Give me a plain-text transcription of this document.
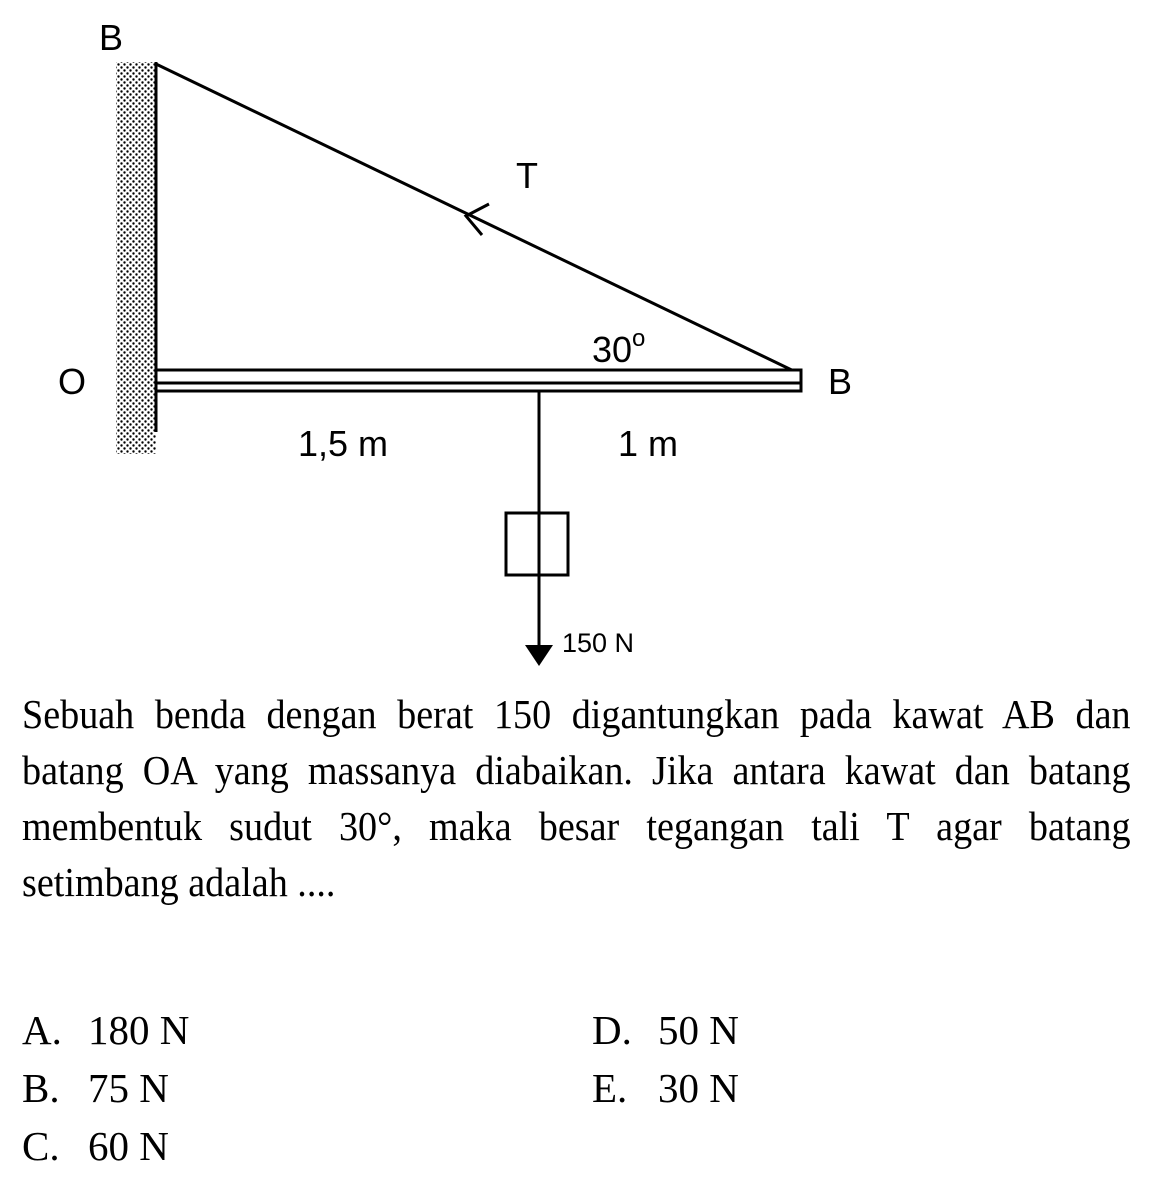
B
T
30$^o$
O	B
1,5 m	1 m
150 N

Sebuah benda dengan berat 150 digantungkan pada kawat AB dan batang OA yang massanya diabaikan. Jika antara kawat dan batang membentuk sudut 30°, maka besar tegangan tali T agar batang setimbang adalah ....

A. 180 N
B. 75 N
C. 60 N
D. 50 N
E. 30 N
